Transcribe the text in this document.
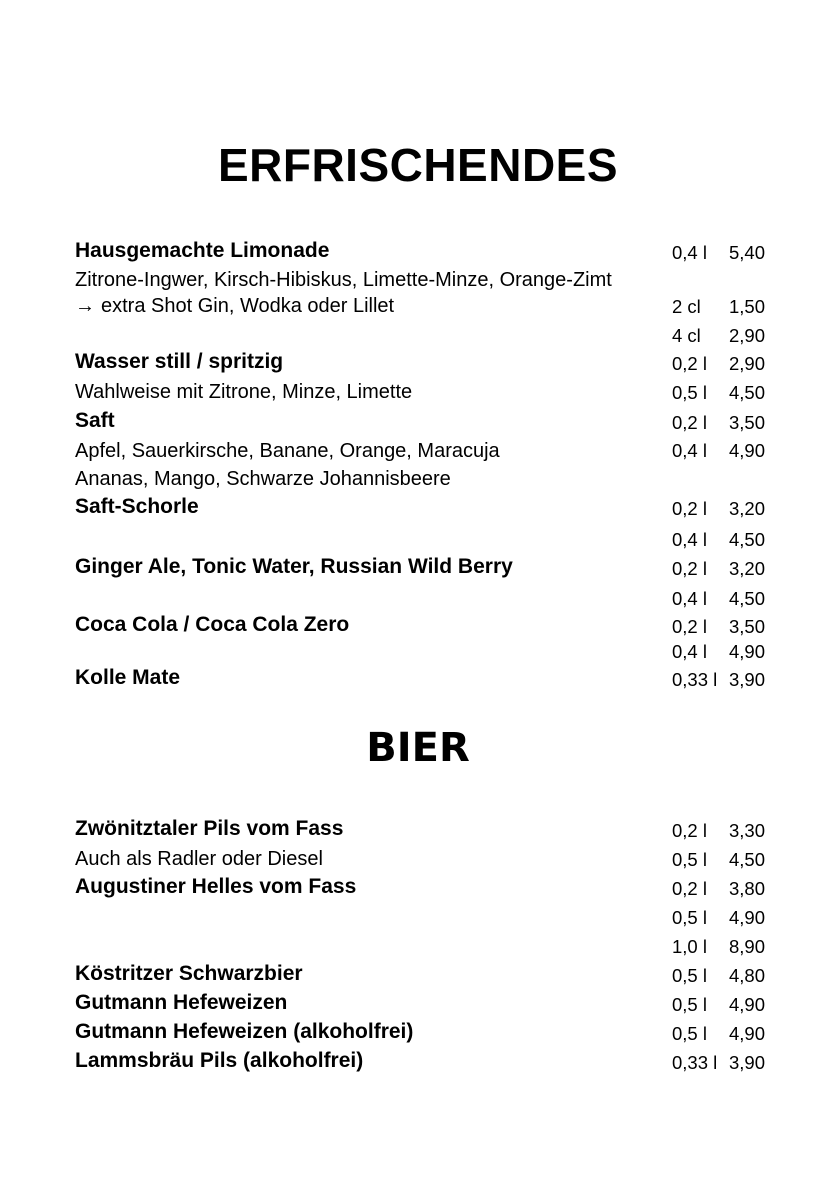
ERFRISCHENDES
Hausgemachte Limonade	0,4 l 5,40
Zitrone-Ingwer, Kirsch-Hibiskus, Limette-Minze, Orange-Zimt
→ extra Shot Gin, Wodka oder Lillet	2 cl 1,50
4 cl 2,90
Wasser still / spritzig	0,2 l 2,90
Wahlweise mit Zitrone, Minze, Limette	0,5 l 4,50
Saft	0,2 l 3,50
Apfel, Sauerkirsche, Banane, Orange, Maracuja	0,4 l 4,90
Ananas, Mango, Schwarze Johannisbeere
Saft-Schorle	0,2 l 3,20
0,4 l 4,50
Ginger Ale, Tonic Water, Russian Wild Berry	0,2 l 3,20
0,4 l 4,50
Coca Cola / Coca Cola Zero	0,2 l 3,50
0,4 l 4,90
Kolle Mate	0,33 l 3,90
BIER
Zwönitztaler Pils vom Fass	0,2 l 3,30
Auch als Radler oder Diesel	0,5 l 4,50
Augustiner Helles vom Fass	0,2 l 3,80
0,5 l 4,90
1,0 l 8,90
Köstritzer Schwarzbier	0,5 l 4,80
Gutmann Hefeweizen	0,5 l 4,90
Gutmann Hefeweizen (alkoholfrei)	0,5 l 4,90
Lammsbräu Pils (alkoholfrei)	0,33 l 3,90
